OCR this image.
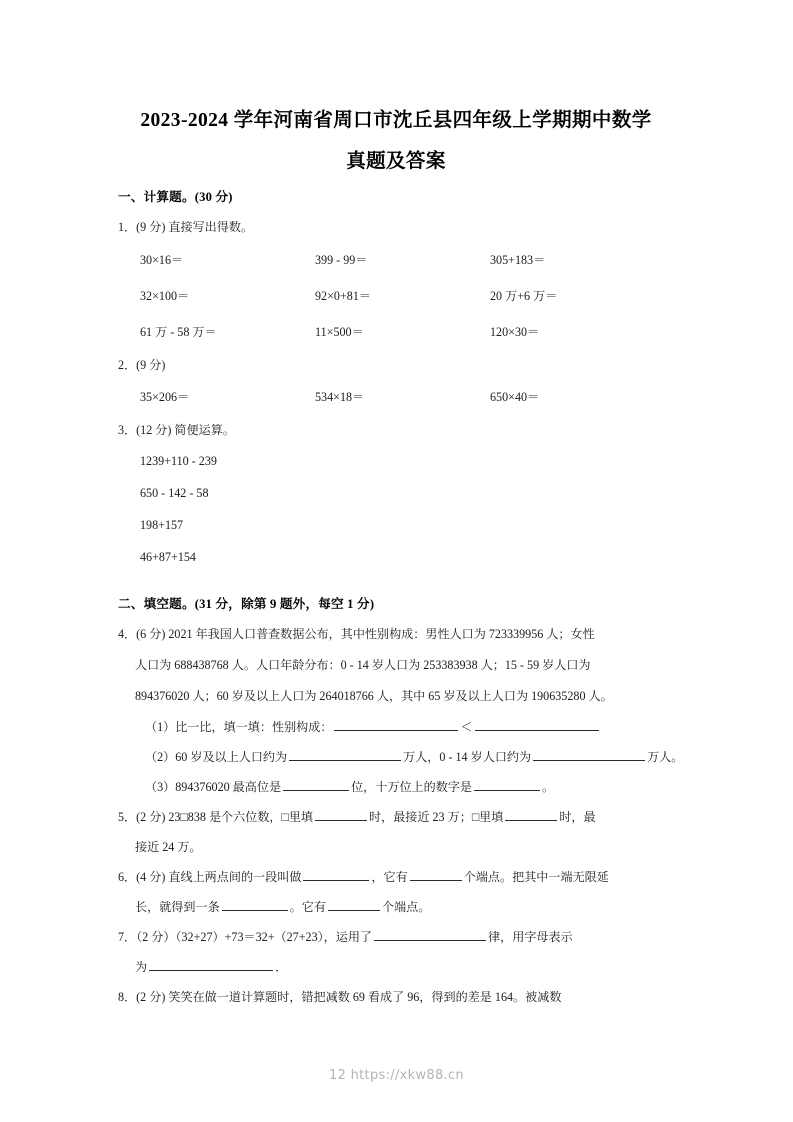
2023-2024 学年河南省周口市沈丘县四年级上学期期中数学
真题及答案

一、计算题。(30 分)

1．(9 分) 直接写出得数。

30×16＝	399 - 99＝	305+183＝
32×100＝	92×0+81＝	20 万+6 万＝
61 万 - 58 万＝	11×500＝	120×30＝

2．(9 分)

35×206＝	534×18＝	650×40＝

3．(12 分) 简便运算。

1239+110 - 239
650 - 142 - 58
198+157
46+87+154

二、填空题。(31 分，除第 9 题外，每空 1 分)

4．(6 分) 2021 年我国人口普查数据公布，其中性别构成：男性人口为 723339956 人；女性

人口为 688438768 人。人口年龄分布：0 - 14 岁人口为 253383938 人；15 - 59 岁人口为

894376020 人；60 岁及以上人口为 264018766 人，其中 65 岁及以上人口为 190635280 人。

（1）比一比，填一填：性别构成：	＜

（2）60 岁及以上人口约为	万人，0 - 14 岁人口约为	万人。

（3）894376020 最高位是	位，十万位上的数字是	。

5．(2 分) 23□838 是个六位数，□里填	时，最接近 23 万；□里填	时，最

接近 24 万。

6．(4 分) 直线上两点间的一段叫做	，它有	个端点。把其中一端无限延

长，就得到一条	。它有	个端点。

7．（2 分）（32+27）+73＝32+（27+23），运用了	律，用字母表示

为	．

8．(2 分) 笑笑在做一道计算题时，错把减数 69 看成了 96，得到的差是 164。被减数

12 https://xkw88.cn
